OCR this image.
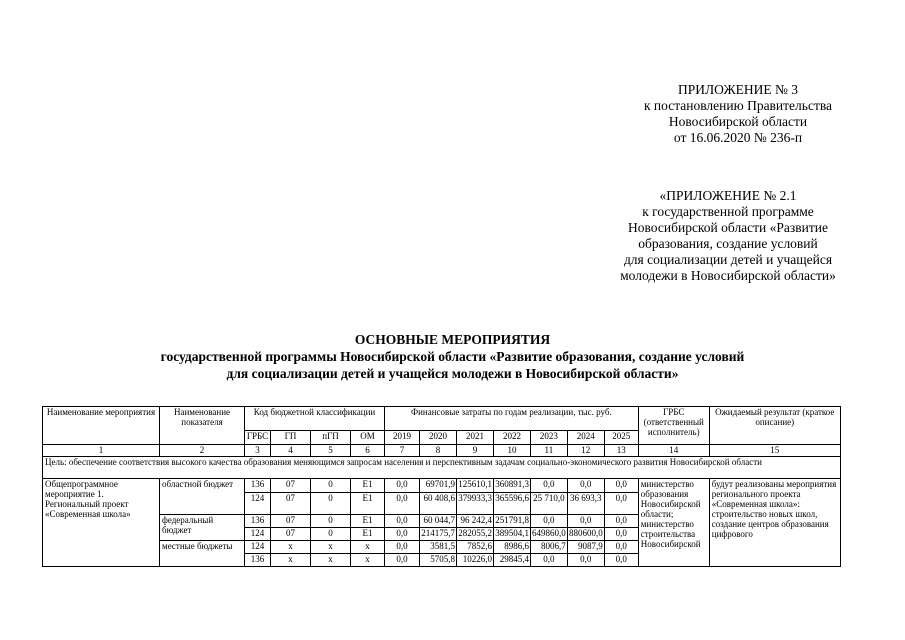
ПРИЛОЖЕНИЕ № 3
к постановлению Правительства
Новосибирской области
от 16.06.2020 № 236-п
«ПРИЛОЖЕНИЕ № 2.1
к государственной программе
Новосибирской области «Развитие
образования, создание условий
для социализации детей и учащейся
молодежи в Новосибирской области»
ОСНОВНЫЕ МЕРОПРИЯТИЯ
государственной программы Новосибирской области «Развитие образования, создание условий
для социализации детей и учащейся молодежи в Новосибирской области»
Наименование мероприятия	Наименование показателя	Код бюджетной классификации				Финансовые затраты по годам реализации, тыс. руб.							ГРБС (ответственный исполнитель)	Ожидаемый результат (краткое описание)
		ГРБС	ГП	пГП	ОМ	2019	2020	2021	2022	2023	2024	2025		
1	2	3	4	5	6	7	8	9	10	11	12	13	14	15
Цель: обеспечение соответствия высокого качества образования меняющимся запросам населения и перспективным задачам социально-экономического развития Новосибирской области														
Общепрограммное мероприятие 1. Региональный проект «Современная школа»	областной бюджет	136	07	0	E1	0,0	69701,9	125610,1	360891,3	0,0	0,0	0,0	министерство образования Новосибирской области; министерство строительства Новосибирской	будут реализованы мероприятия регионального проекта «Современная школа»: строительство новых школ, создание центров образования цифрового
		124	07	0	E1	0,0	60 408,6	379933,3	365596,6	25 710,0	36 693,3	0,0		
	федеральный бюджет	136	07	0	E1	0,0	60 044,7	96 242,4	251791,8	0,0	0,0	0,0		
		124	07	0	E1	0,0	214175,7	282055,2	389504,1	649860,0	880600,0	0,0		
	местные бюджеты	124	x	x	x	0,0	3581,5	7852,6	8986,6	8006,7	9087,9	0,0		
		136	x	x	x	0,0	5705,8	10226,0	29845,4	0,0	0,0	0,0		
